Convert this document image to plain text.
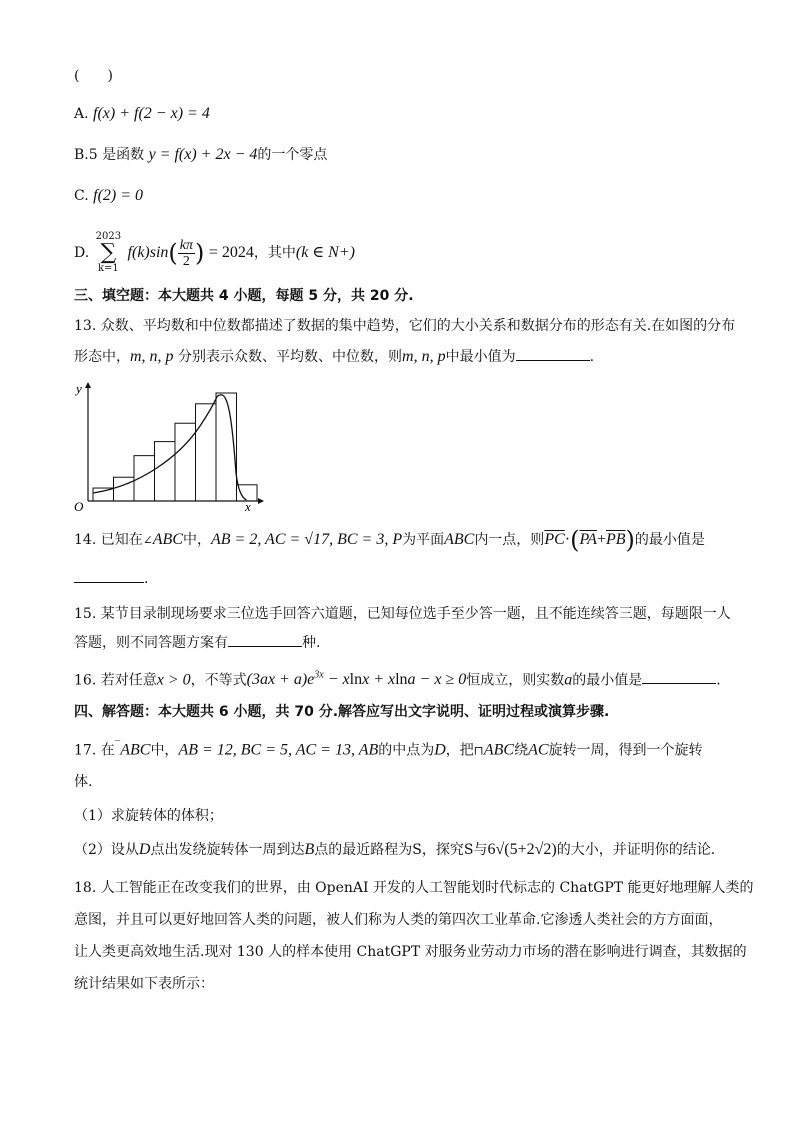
(　　)
A. f(x) + f(2 − x) = 4
B.5 是函数 y = f(x) + 2x − 4的一个零点
C. f(2) = 0
D. 2023
∑
k=1 $f(k)\sin( \frac{k\pi}{2}$ ) = 2024，其中(k ∈ N+)
三、填空题：本大题共 4 小题，每题 5 分，共 20 分.
13. 众数、平均数和中位数都描述了数据的集中趋势，它们的大小关系和数据分布的形态有关.在如图的分布
形态中，m, n, p 分别表示众数、平均数、中位数，则m, n, p中最小值为	.
y
x
O
14. 已知在∠ABC中，AB = 2, AC = √17, BC = 3, P为平面ABC内一点，则$\overline{PC}\cdot(\overline{PA}+\overline{PB})$的最小值是
.
15. 某节目录制现场要求三位选手回答六道题，已知每位选手至少答一题，且不能连续答三题，每题限一人
答题，则不同答题方案有	种.
16. 若对任意x > 0，不等式$(3ax + a)e^{3x} - xlnx + xlna - x \ge 0$恒成立，则实数a的最小值是	.
四、解答题：本大题共 6 小题，共 70 分.解答应写出文字说明、证明过程或演算步骤.
17. 在‾ABC中，AB = 12, BC = 5, AC = 13, AB的中点为D，把⊓ABC绕AC旋转一周，得到一个旋转
体.
（1）求旋转体的体积；
（2）设从D点出发绕旋转体一周到达B点的最近路程为S，探究S与6√(5+2√2)的大小，并证明你的结论.
18. 人工智能正在改变我们的世界，由 OpenAI 开发的人工智能划时代标志的 ChatGPT 能更好地理解人类的
意图，并且可以更好地回答人类的问题，被人们称为人类的第四次工业革命.它渗透人类社会的方方面面，
让人类更高效地生活.现对 130 人的样本使用 ChatGPT 对服务业劳动力市场的潜在影响进行调查，其数据的
统计结果如下表所示：
